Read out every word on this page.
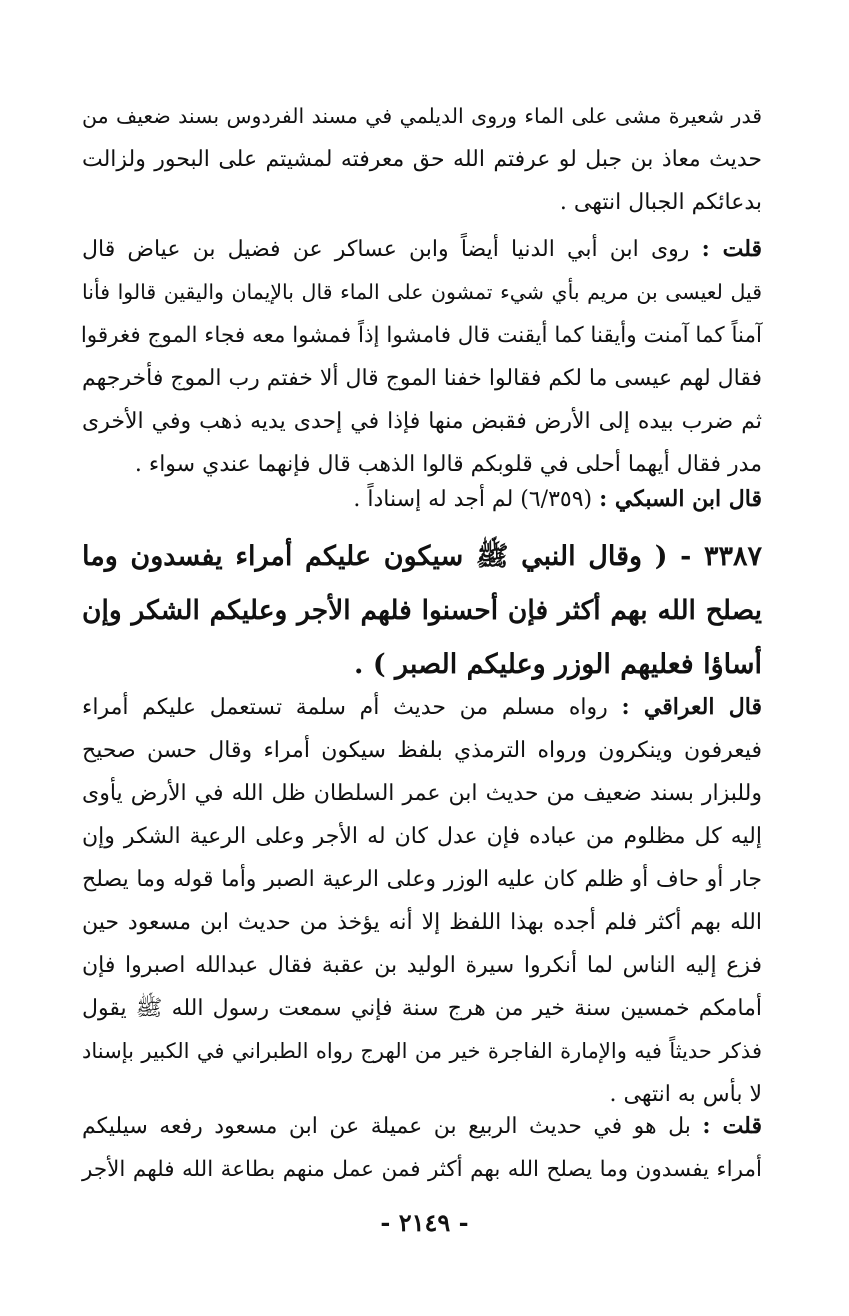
قدر شعيرة مشى على الماء وروى الديلمي في مسند الفردوس بسند ضعيف من
حديث معاذ بن جبل لو عرفتم الله حق معرفته لمشيتم على البحور ولزالت
بدعائكم الجبال انتهى .
قلت : روى ابن أبي الدنيا أيضاً وابن عساكر عن فضيل بن عياض قال
قيل لعيسى بن مريم بأي شيء تمشون على الماء قال بالإيمان واليقين قالوا فأنا
آمناً كما آمنت وأيقنا كما أيقنت قال فامشوا إذاً فمشوا معه فجاء الموج فغرقوا
فقال لهم عيسى ما لكم فقالوا خفنا الموج قال ألا خفتم رب الموج فأخرجهم
ثم ضرب بيده إلى الأرض فقبض منها فإذا في إحدى يديه ذهب وفي الأخرى
مدر فقال أيهما أحلى في قلوبكم قالوا الذهب قال فإنهما عندي سواء .
قال ابن السبكي : (٦/٣٥٩) لم أجد له إسناداً .
٣٣٨٧ - ( وقال النبي ﷺ سيكون عليكم أمراء يفسدون وما
يصلح الله بهم أكثر فإن أحسنوا فلهم الأجر وعليكم الشكر وإن
أساؤا فعليهم الوزر وعليكم الصبر ) .
قال العراقي : رواه مسلم من حديث أم سلمة تستعمل عليكم أمراء
فيعرفون وينكرون ورواه الترمذي بلفظ سيكون أمراء وقال حسن صحيح
وللبزار بسند ضعيف من حديث ابن عمر السلطان ظل الله في الأرض يأوى
إليه كل مظلوم من عباده فإن عدل كان له الأجر وعلى الرعية الشكر وإن
جار أو حاف أو ظلم كان عليه الوزر وعلى الرعية الصبر وأما قوله وما يصلح
الله بهم أكثر فلم أجده بهذا اللفظ إلا أنه يؤخذ من حديث ابن مسعود حين
فزع إليه الناس لما أنكروا سيرة الوليد بن عقبة فقال عبدالله اصبروا فإن
أمامكم خمسين سنة خير من هرج سنة فإني سمعت رسول الله ﷺ يقول
فذكر حديثاً فيه والإمارة الفاجرة خير من الهرج رواه الطبراني في الكبير بإسناد
لا بأس به انتهى .
قلت : بل هو في حديث الربيع بن عميلة عن ابن مسعود رفعه سيليكم
أمراء يفسدون وما يصلح الله بهم أكثر فمن عمل منهم بطاعة الله فلهم الأجر
- ٢١٤٩ -
